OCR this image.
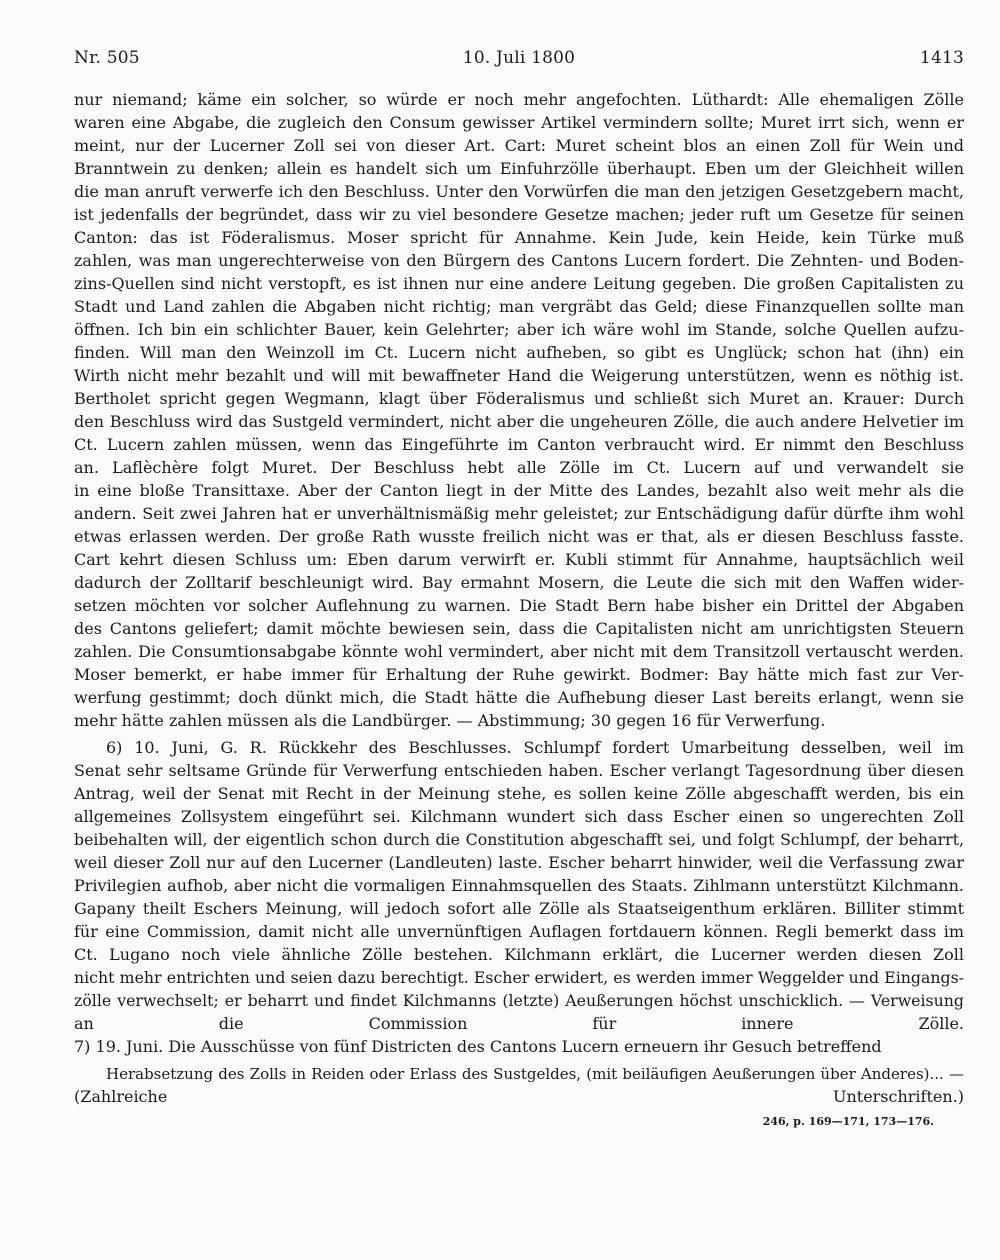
Nr. 505	10. Juli 1800	1413
nur niemand; käme ein solcher, so würde er noch mehr angefochten. Lüthardt: Alle ehemaligen Zölle
waren eine Abgabe, die zugleich den Consum gewisser Artikel vermindern sollte; Muret irrt sich, wenn er
meint, nur der Lucerner Zoll sei von dieser Art. Cart: Muret scheint blos an einen Zoll für Wein und
Branntwein zu denken; allein es handelt sich um Einfuhrzölle überhaupt. Eben um der Gleichheit willen
die man anruft verwerfe ich den Beschluss. Unter den Vorwürfen die man den jetzigen Gesetzgebern macht,
ist jedenfalls der begründet, dass wir zu viel besondere Gesetze machen; jeder ruft um Gesetze für seinen
Canton: das ist Föderalismus. Moser spricht für Annahme. Kein Jude, kein Heide, kein Türke muß
zahlen, was man ungerechterweise von den Bürgern des Cantons Lucern fordert. Die Zehnten- und Boden-
zins-Quellen sind nicht verstopft, es ist ihnen nur eine andere Leitung gegeben. Die großen Capitalisten zu
Stadt und Land zahlen die Abgaben nicht richtig; man vergräbt das Geld; diese Finanzquellen sollte man
öffnen. Ich bin ein schlichter Bauer, kein Gelehrter; aber ich wäre wohl im Stande, solche Quellen aufzu-
finden. Will man den Weinzoll im Ct. Lucern nicht aufheben, so gibt es Unglück; schon hat (ihn) ein
Wirth nicht mehr bezahlt und will mit bewaffneter Hand die Weigerung unterstützen, wenn es nöthig ist.
Bertholet spricht gegen Wegmann, klagt über Föderalismus und schließt sich Muret an. Krauer: Durch
den Beschluss wird das Sustgeld vermindert, nicht aber die ungeheuren Zölle, die auch andere Helvetier im
Ct. Lucern zahlen müssen, wenn das Eingeführte im Canton verbraucht wird. Er nimmt den Beschluss
an. Laflèchère folgt Muret. Der Beschluss hebt alle Zölle im Ct. Lucern auf und verwandelt sie
in eine bloße Transittaxe. Aber der Canton liegt in der Mitte des Landes, bezahlt also weit mehr als die
andern. Seit zwei Jahren hat er unverhältnismäßig mehr geleistet; zur Entschädigung dafür dürfte ihm wohl
etwas erlassen werden. Der große Rath wusste freilich nicht was er that, als er diesen Beschluss fasste.
Cart kehrt diesen Schluss um: Eben darum verwirft er. Kubli stimmt für Annahme, hauptsächlich weil
dadurch der Zolltarif beschleunigt wird. Bay ermahnt Mosern, die Leute die sich mit den Waffen wider-
setzen möchten vor solcher Auflehnung zu warnen. Die Stadt Bern habe bisher ein Drittel der Abgaben
des Cantons geliefert; damit möchte bewiesen sein, dass die Capitalisten nicht am unrichtigsten Steuern
zahlen. Die Consumtionsabgabe könnte wohl vermindert, aber nicht mit dem Transitzoll vertauscht werden.
Moser bemerkt, er habe immer für Erhaltung der Ruhe gewirkt. Bodmer: Bay hätte mich fast zur Ver-
werfung gestimmt; doch dünkt mich, die Stadt hätte die Aufhebung dieser Last bereits erlangt, wenn sie
mehr hätte zahlen müssen als die Landbürger. — Abstimmung; 30 gegen 16 für Verwerfung.
6) 10. Juni, G. R. Rückkehr des Beschlusses. Schlumpf fordert Umarbeitung desselben, weil im
Senat sehr seltsame Gründe für Verwerfung entschieden haben. Escher verlangt Tagesordnung über diesen
Antrag, weil der Senat mit Recht in der Meinung stehe, es sollen keine Zölle abgeschafft werden, bis ein
allgemeines Zollsystem eingeführt sei. Kilchmann wundert sich dass Escher einen so ungerechten Zoll
beibehalten will, der eigentlich schon durch die Constitution abgeschafft sei, und folgt Schlumpf, der beharrt,
weil dieser Zoll nur auf den Lucerner (Landleuten) laste. Escher beharrt hinwider, weil die Verfassung zwar
Privilegien aufhob, aber nicht die vormaligen Einnahmsquellen des Staats. Zihlmann unterstützt Kilchmann.
Gapany theilt Eschers Meinung, will jedoch sofort alle Zölle als Staatseigenthum erklären. Billiter stimmt
für eine Commission, damit nicht alle unvernünftigen Auflagen fortdauern können. Regli bemerkt dass im
Ct. Lugano noch viele ähnliche Zölle bestehen. Kilchmann erklärt, die Lucerner werden diesen Zoll
nicht mehr entrichten und seien dazu berechtigt. Escher erwidert, es werden immer Weggelder und Eingangs-
zölle verwechselt; er beharrt und findet Kilchmanns (letzte) Aeußerungen höchst unschicklich. — Verweisung
an die Commission für innere Zölle.
7) 19. Juni. Die Ausschüsse von fünf Districten des Cantons Lucern erneuern ihr Gesuch betreffend
Herabsetzung des Zolls in Reiden oder Erlass des Sustgeldes, (mit beiläufigen Aeußerungen über Anderes)... —
(Zahlreiche Unterschriften.)
246, p. 169—171, 173—176.
